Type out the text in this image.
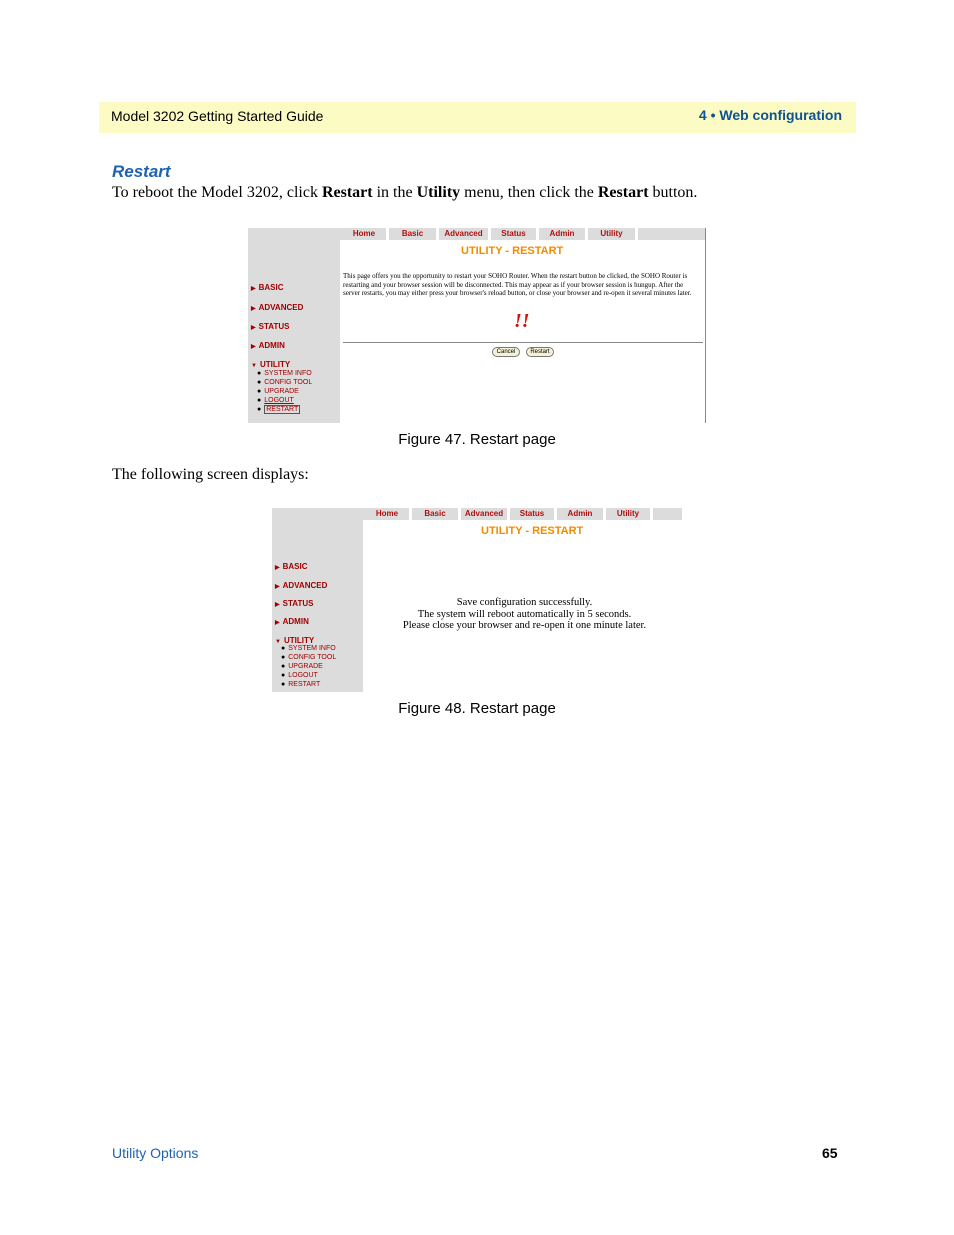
Model 3202 Getting Started Guide	4 • Web configuration
Restart
To reboot the Model 3202, click Restart in the Utility menu, then click the Restart button.
Home	Basic	Advanced	Status	Admin	Utility
UTILITY - RESTART
▶ BASIC
▶ ADVANCED
▶ STATUS
▶ ADMIN
▼ UTILITY
● SYSTEM INFO
● CONFIG TOOL
● UPGRADE
● LOGOUT
● RESTART
This page offers you the opportunity to restart your SOHO Router. When the restart button be clicked, the SOHO Router is restarting and your browser session will be disconnected. This may appear as if your browser session is hungup. After the server restarts, you may either press your browser's reload button, or close your browser and re-open it several minutes later.
!!
Cancel	Restart
Figure 47. Restart page
The following screen displays:
Home	Basic	Advanced	Status	Admin	Utility
UTILITY - RESTART
▶ BASIC
▶ ADVANCED
▶ STATUS
▶ ADMIN
▼ UTILITY
● SYSTEM INFO
● CONFIG TOOL
● UPGRADE
● LOGOUT
● RESTART
Save configuration successfully.
The system will reboot automatically in 5 seconds.
Please close your browser and re-open it one minute later.
Figure 48. Restart page
Utility Options	65
